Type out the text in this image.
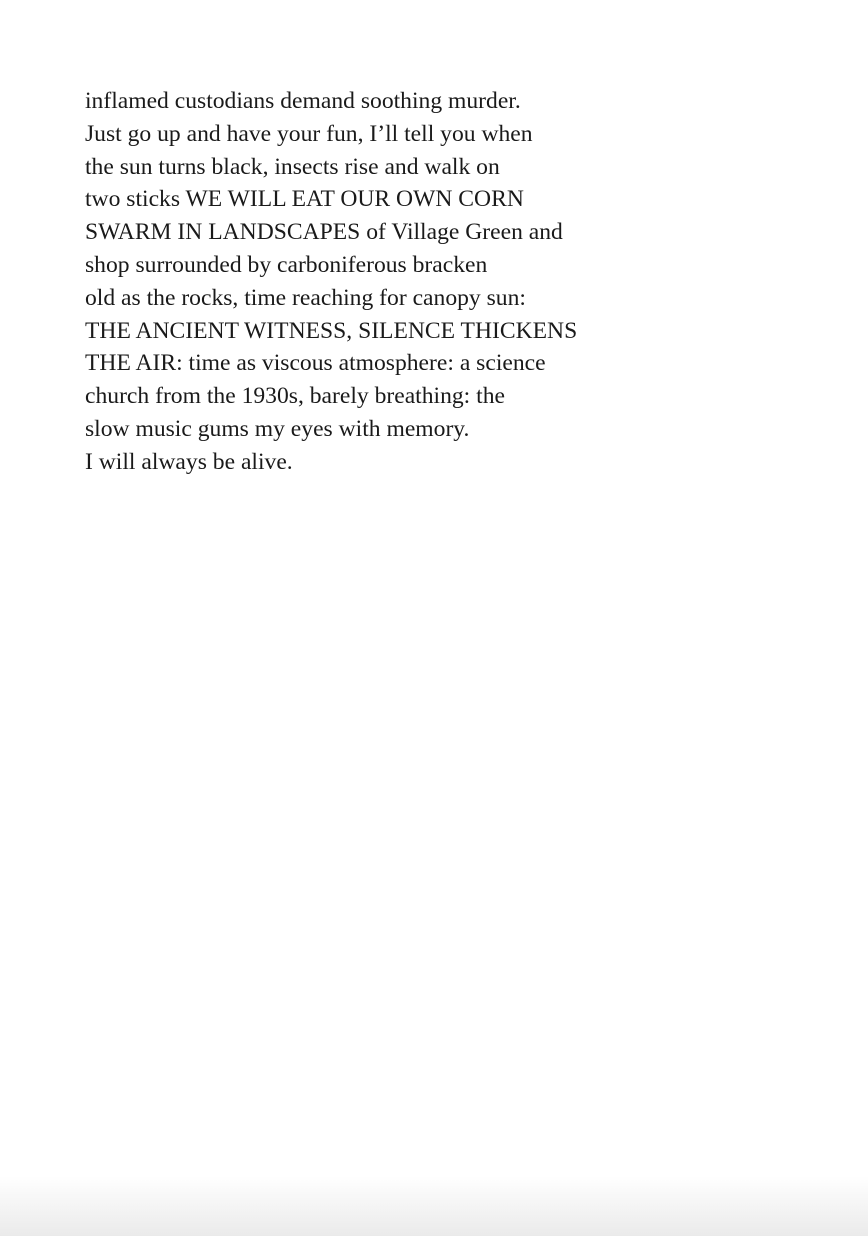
inflamed custodians demand soothing murder.
Just go up and have your fun, I’ll tell you when
the sun turns black, insects rise and walk on
two sticks WE WILL EAT OUR OWN CORN
SWARM IN LANDSCAPES of Village Green and
shop surrounded by carboniferous bracken
old as the rocks, time reaching for canopy sun:
THE ANCIENT WITNESS, SILENCE THICKENS
THE AIR: time as viscous atmosphere: a science
church from the 1930s, barely breathing: the
slow music gums my eyes with memory.
I will always be alive.
